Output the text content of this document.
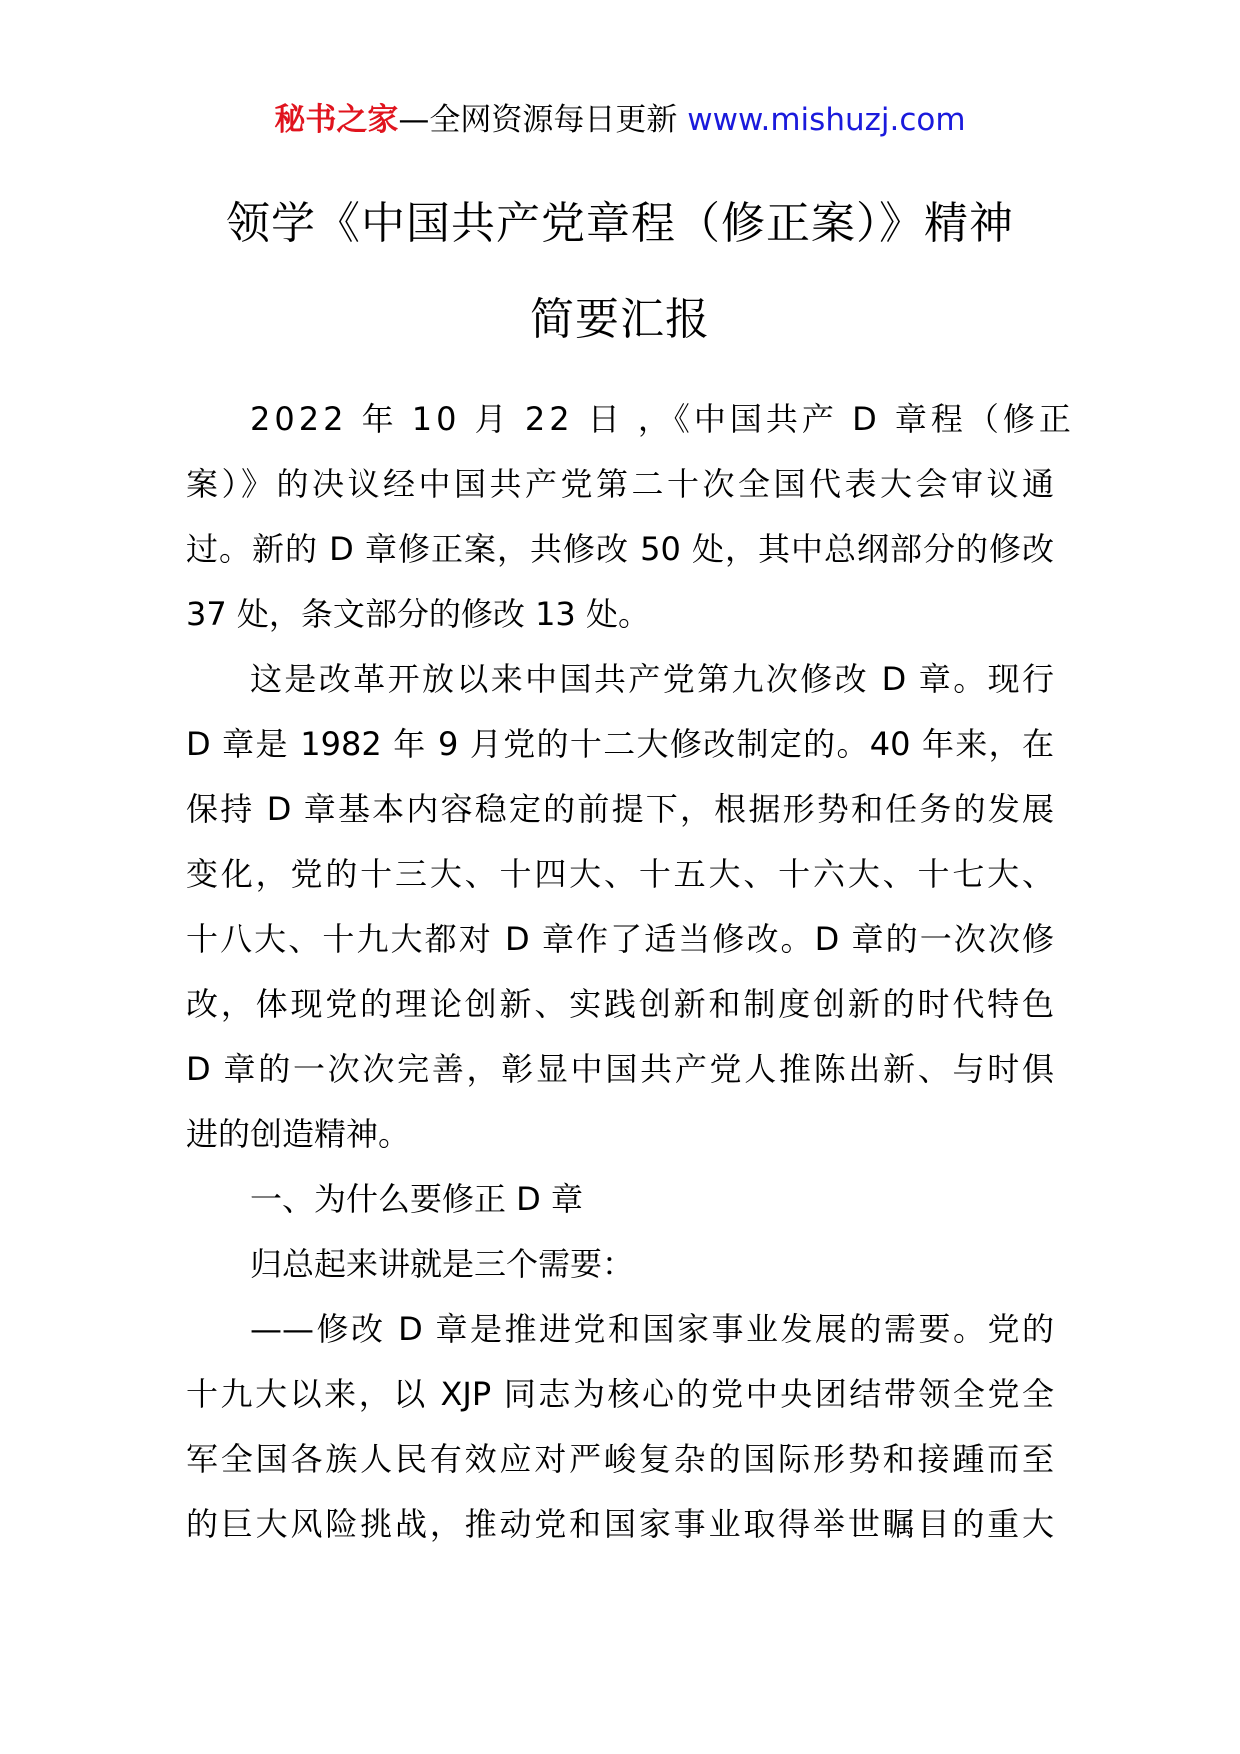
秘书之家—全网资源每日更新 www.mishuzj.com
领学《中国共产党章程（修正案）》精神
简要汇报
2022 年 10 月 22 日 ，《中国共产 D 章程（修正
案）》的决议经中国共产党第二十次全国代表大会审议通
过。新的 D 章修正案，共修改 50 处，其中总纲部分的修改
37 处，条文部分的修改 13 处。
这是改革开放以来中国共产党第九次修改 D 章。现行
D 章是 1982 年 9 月党的十二大修改制定的。40 年来，在
保持 D 章基本内容稳定的前提下，根据形势和任务的发展
变化，党的十三大、十四大、十五大、十六大、十七大、
十八大、十九大都对 D 章作了适当修改。D 章的一次次修
改，体现党的理论创新、实践创新和制度创新的时代特色
D 章的一次次完善，彰显中国共产党人推陈出新、与时俱
进的创造精神。
一、为什么要修正 D 章
归总起来讲就是三个需要：
——修改 D 章是推进党和国家事业发展的需要。党的
十九大以来，以 XJP 同志为核心的党中央团结带领全党全
军全国各族人民有效应对严峻复杂的国际形势和接踵而至
的巨大风险挑战，推动党和国家事业取得举世瞩目的重大
